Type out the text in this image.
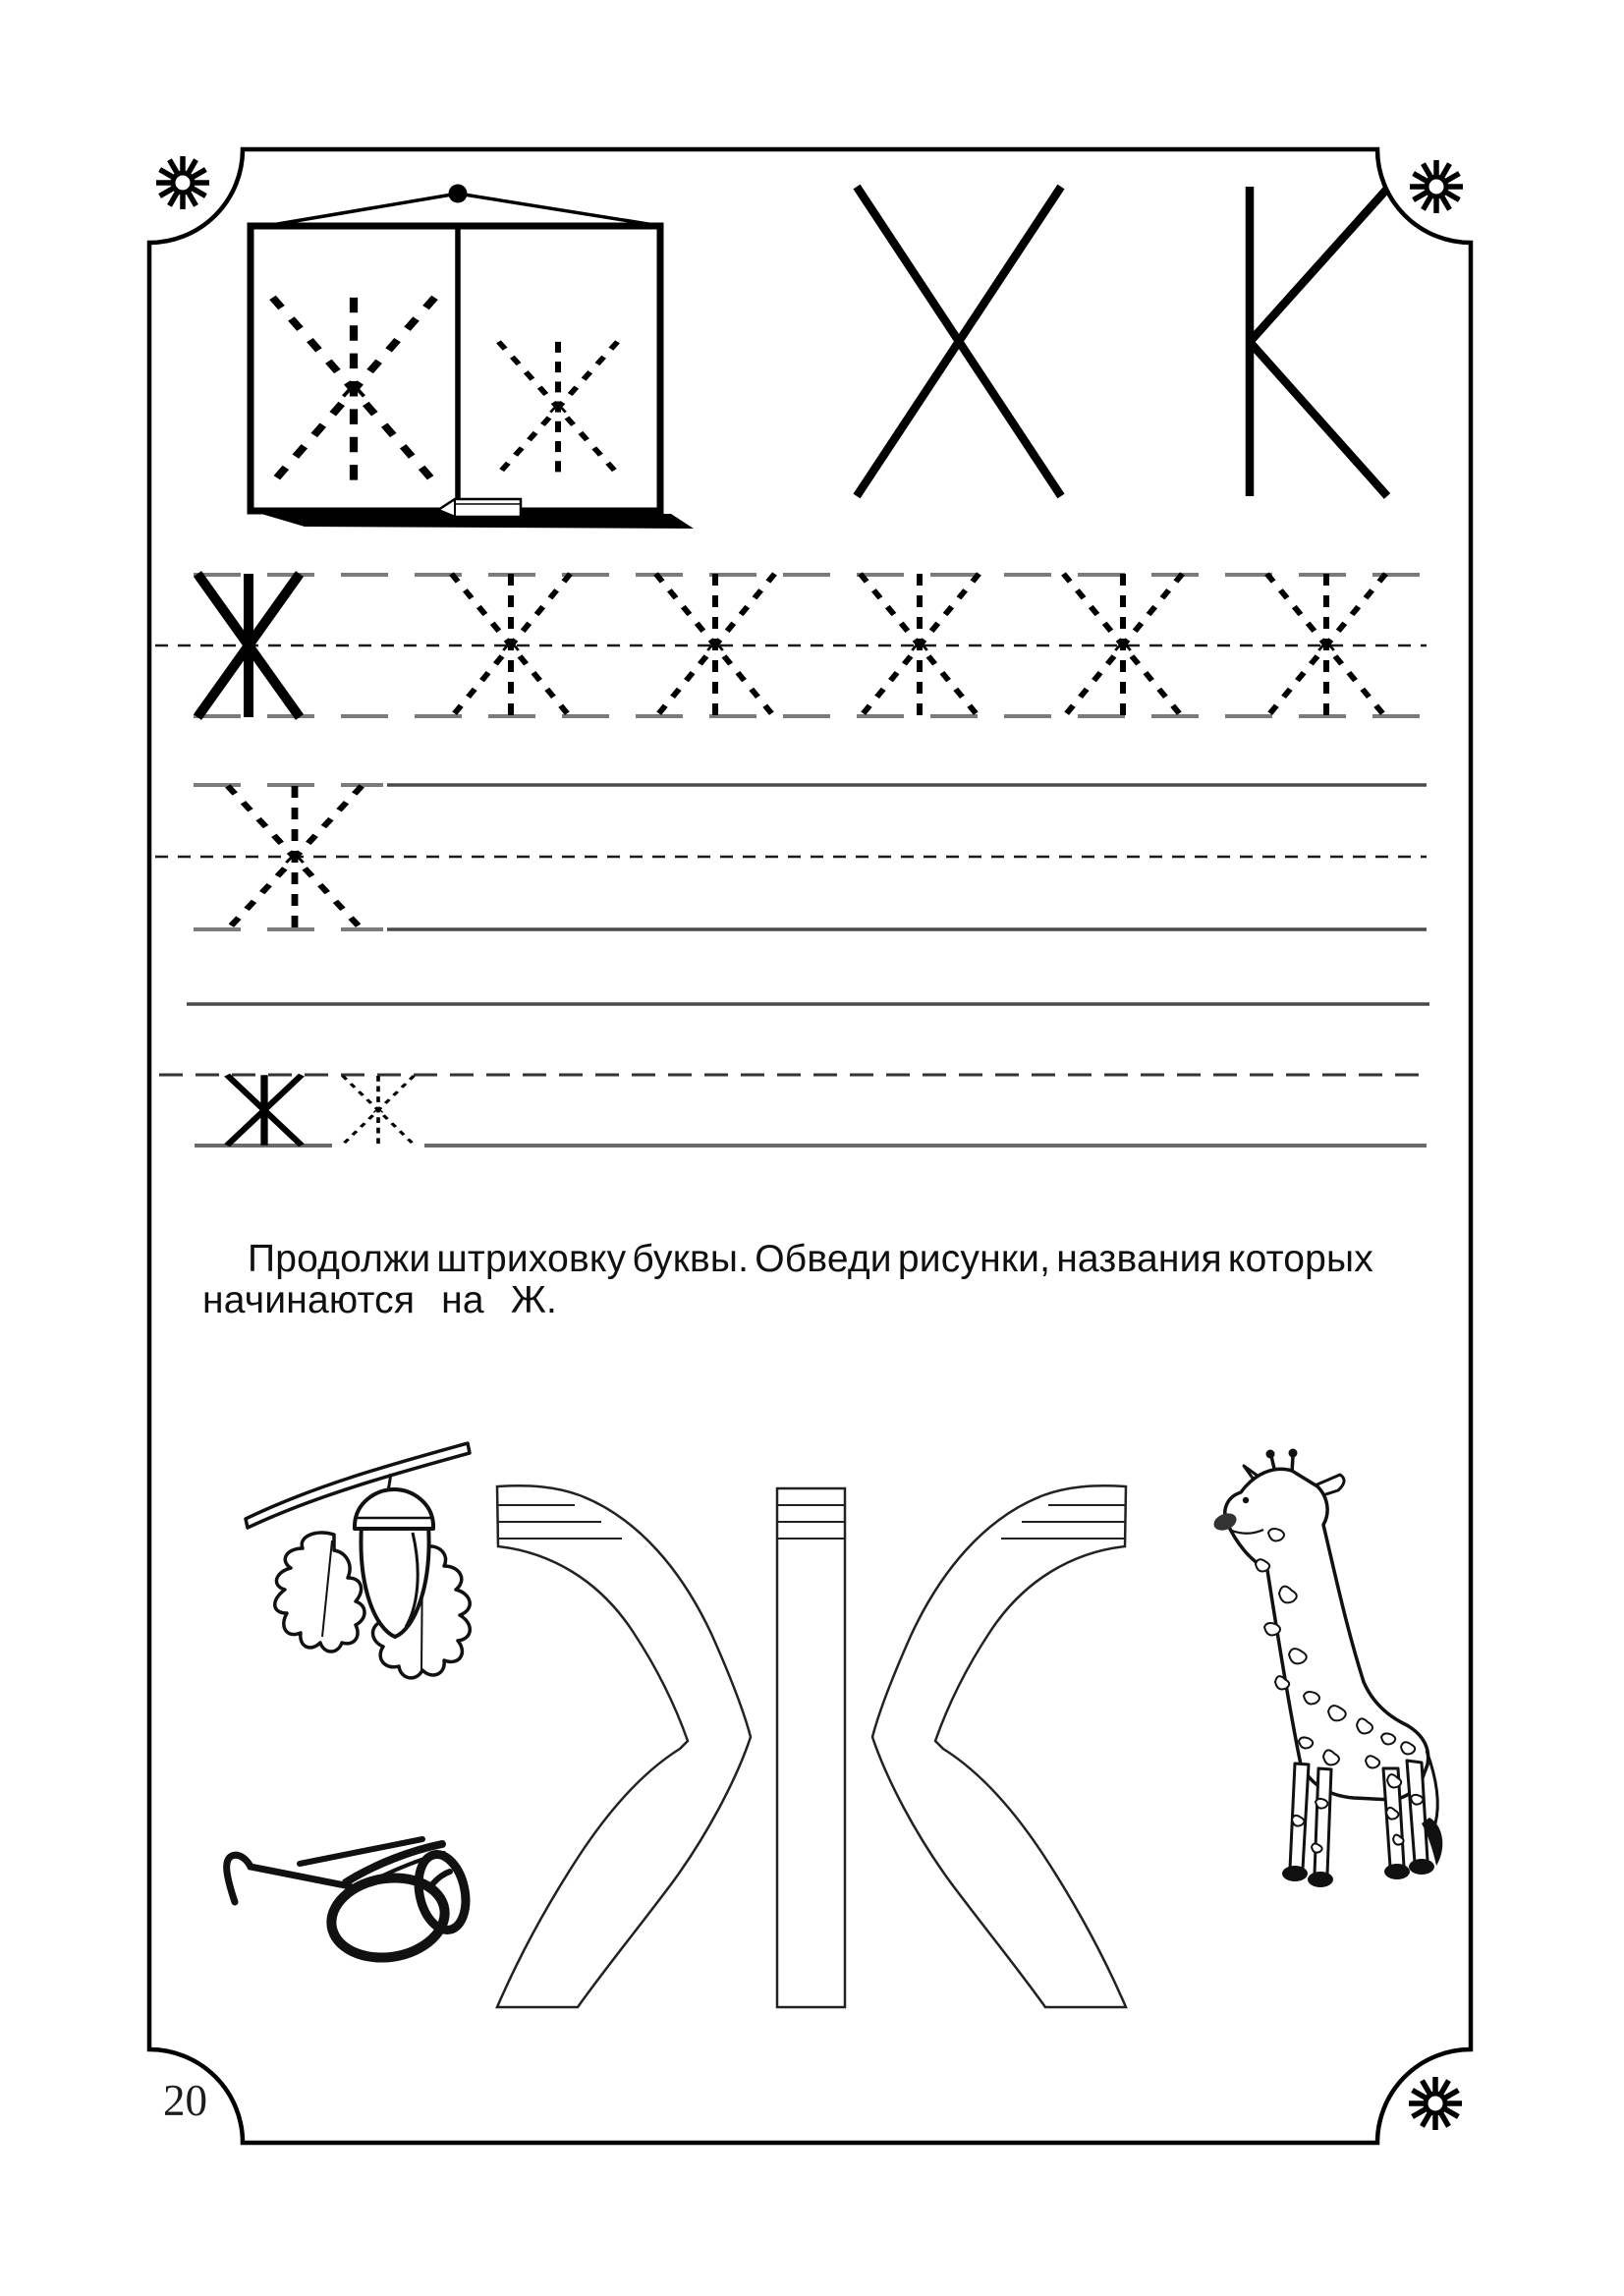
Продолжи штриховку буквы. Обведи рисунки, названия которых
начинаются на Ж.
20
